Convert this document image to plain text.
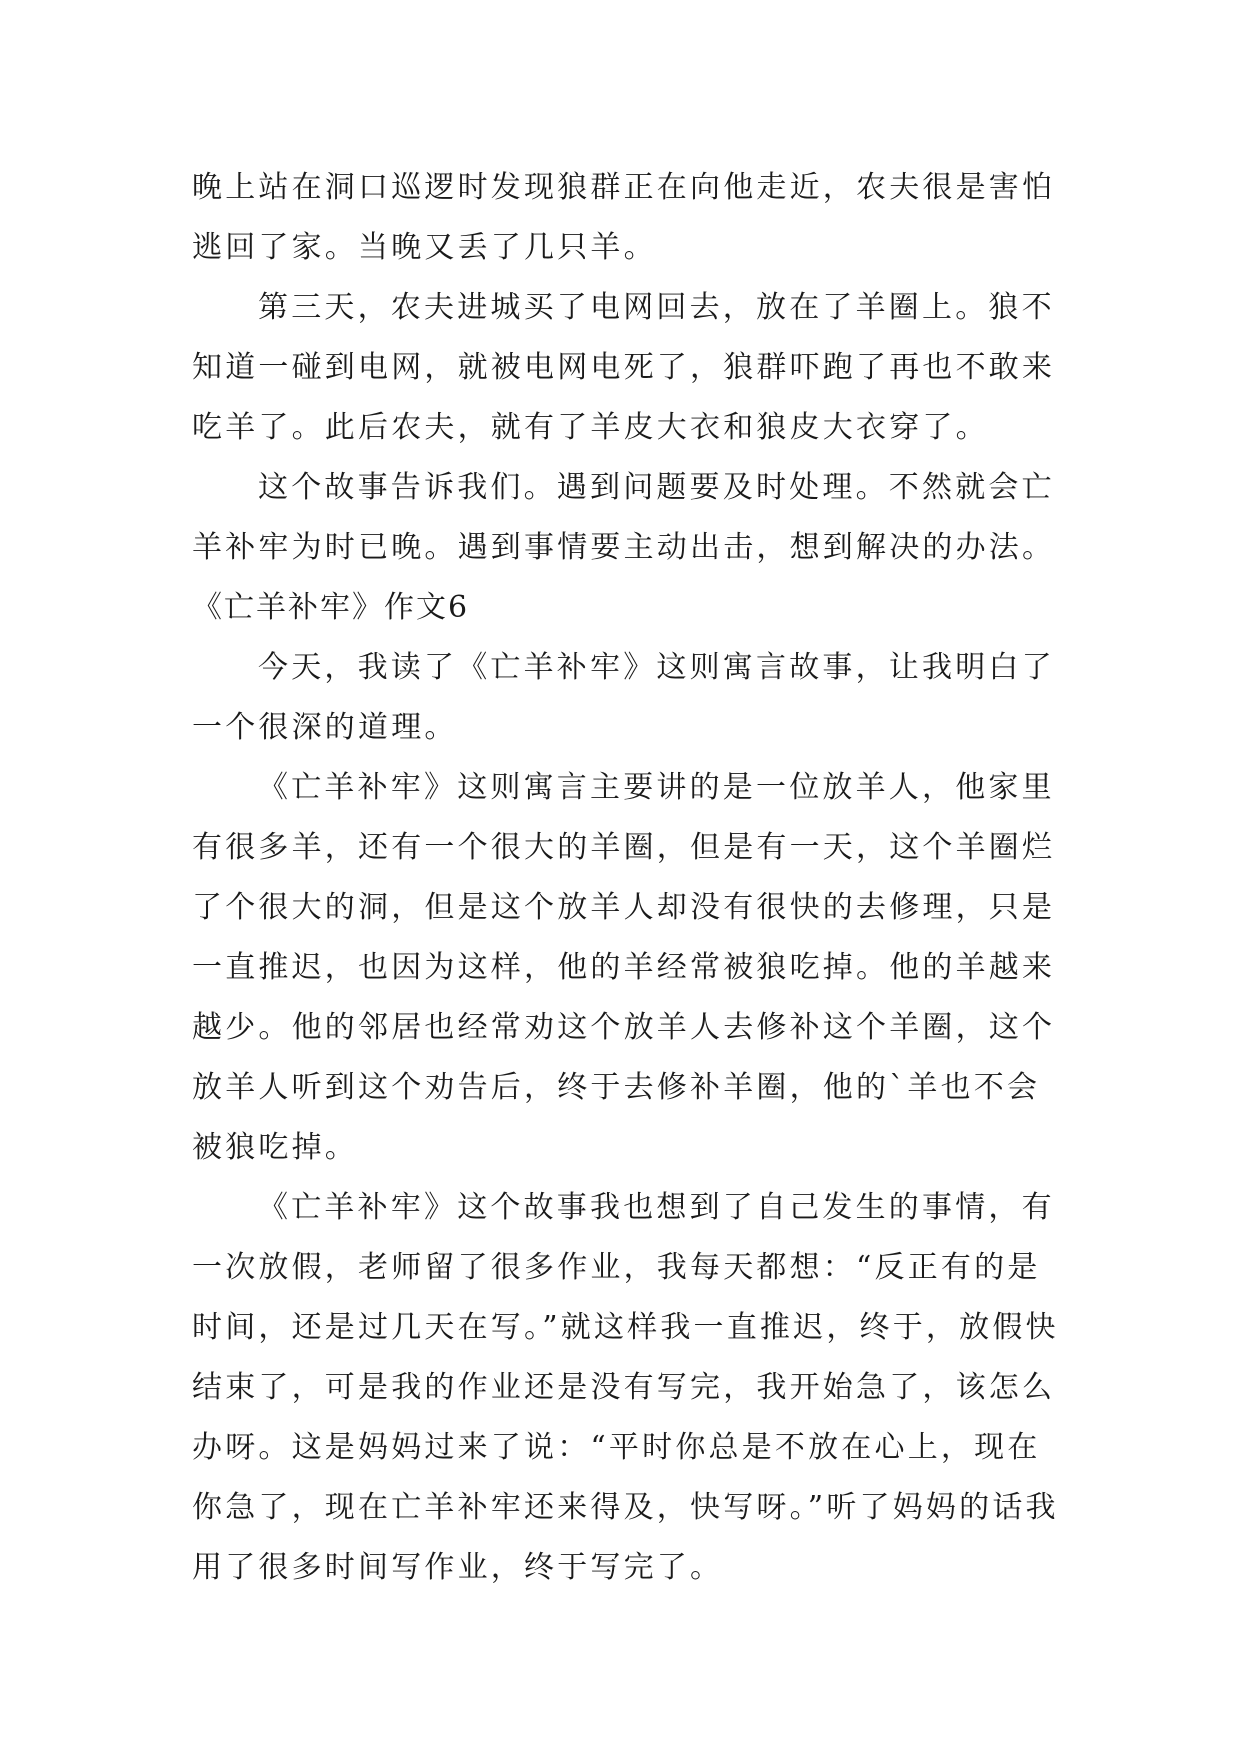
晚上站在洞口巡逻时发现狼群正在向他走近，农夫很是害怕逃回了家。当晚又丢了几只羊。

第三天，农夫进城买了电网回去，放在了羊圈上。狼不知道一碰到电网，就被电网电死了，狼群吓跑了再也不敢来吃羊了。此后农夫，就有了羊皮大衣和狼皮大衣穿了。

这个故事告诉我们。遇到问题要及时处理。不然就会亡羊补牢为时已晚。遇到事情要主动出击，想到解决的办法。

《亡羊补牢》作文6

今天，我读了《亡羊补牢》这则寓言故事，让我明白了一个很深的道理。

《亡羊补牢》这则寓言主要讲的是一位放羊人，他家里有很多羊，还有一个很大的羊圈，但是有一天，这个羊圈烂了个很大的洞，但是这个放羊人却没有很快的去修理，只是一直推迟，也因为这样，他的羊经常被狼吃掉。他的羊越来越少。他的邻居也经常劝这个放羊人去修补这个羊圈，这个放羊人听到这个劝告后，终于去修补羊圈，他的`羊也不会被狼吃掉。

《亡羊补牢》这个故事我也想到了自己发生的事情，有一次放假，老师留了很多作业，我每天都想：“反正有的是时间，还是过几天在写。”就这样我一直推迟，终于，放假快结束了，可是我的作业还是没有写完，我开始急了，该怎么办呀。这是妈妈过来了说：“平时你总是不放在心上，现在你急了，现在亡羊补牢还来得及，快写呀。”听了妈妈的话我用了很多时间写作业，终于写完了。
